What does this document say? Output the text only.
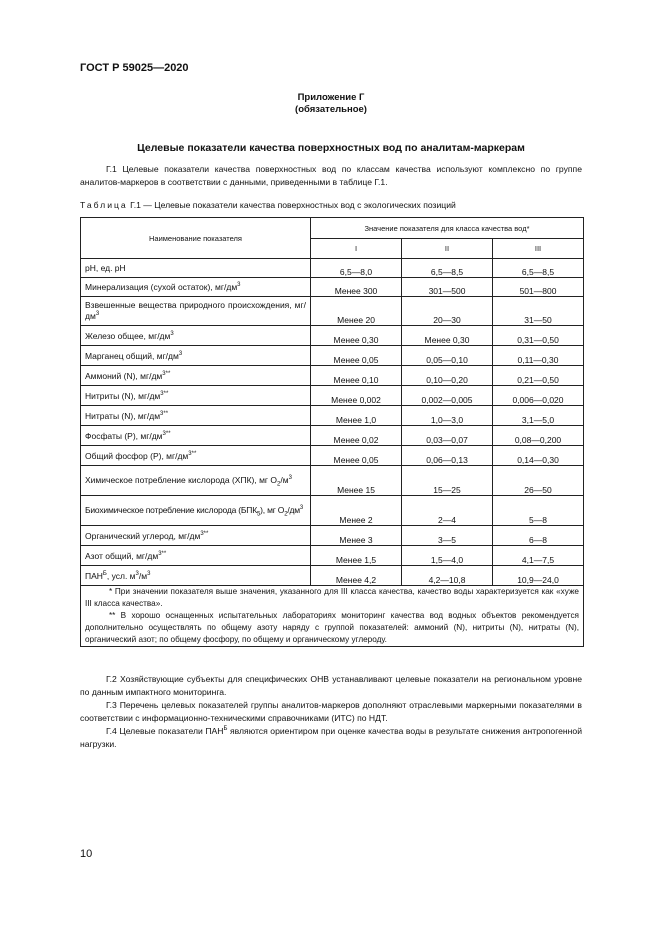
ГОСТ Р 59025—2020
Приложение Г
(обязательное)
Целевые показатели качества поверхностных вод по аналитам-маркерам
Г.1 Целевые показатели качества поверхностных вод по классам качества используют комплексно по группе аналитов-маркеров в соответствии с данными, приведенными в таблице Г.1.
Таблица Г.1 — Целевые показатели качества поверхностных вод с экологических позиций
Наименование показателя	Значение показателя для класса качества вод*		
	I	II	III
pH, ед. pH	6,5—8,0	6,5—8,5	6,5—8,5
Минерализация (сухой остаток), $мг/дм^3$	Менее 300	301—500	501—800
Взвешенные вещества природного происхождения, $мг/дм^3$	Менее 20	20—30	31—50
Железо общее, $мг/дм^3$	Менее 0,30	Менее 0,30	0,31—0,50
Марганец общий, $мг/дм^3$	Менее 0,05	0,05—0,10	0,11—0,30
Аммоний (N), $мг/дм^{3**}$	Менее 0,10	0,10—0,20	0,21—0,50
Нитриты (N), $мг/дм^{3**}$	Менее 0,002	0,002—0,005	0,006—0,020
Нитраты (N), $мг/дм^{3**}$	Менее 1,0	1,0—3,0	3,1—5,0
Фосфаты (P), $мг/дм^{3**}$	Менее 0,02	0,03—0,07	0,08—0,200
Общий фосфор (P), $мг/дм^{3**}$	Менее 0,05	0,06—0,13	0,14—0,30
Химическое потребление кислорода (ХПК), мг $O_2/м^3$	Менее 15	15—25	26—50
Биохимическое потребление кислорода $(БПК_5)$, мг $O_2/дм^3$	Менее 2	2—4	5—8
Органический углерод, $мг/дм^{3**}$	Менее 3	3—5	6—8
Азот общий, $мг/дм^{3**}$	Менее 1,5	1,5—4,0	4,1—7,5
$ПАН^Б$, усл. $м^3/м^3$	Менее 4,2	4,2—10,8	10,9—24,0

* При значении показателя выше значения, указанного для III класса качества, качество воды характеризуется как «хуже III класса качества».
** В хорошо оснащенных испытательных лабораториях мониторинг качества вод водных объектов рекомендуется дополнительно осуществлять по общему азоту наряду с группой показателей: аммоний (N), нитриты (N), нитраты (N), органический азот; по общему фосфору, по общему и органическому углероду.			
Г.2 Хозяйствующие субъекты для специфических ОНВ устанавливают целевые показатели на региональном уровне по данным импактного мониторинга.
Г.3 Перечень целевых показателей группы аналитов-маркеров дополняют отраслевыми маркерными показателями в соответствии с информационно-техническими справочниками (ИТС) по НДТ.
Г.4 Целевые показатели $ПАН^Б$ являются ориентиром при оценке качества воды в результате снижения антропогенной нагрузки.
10
